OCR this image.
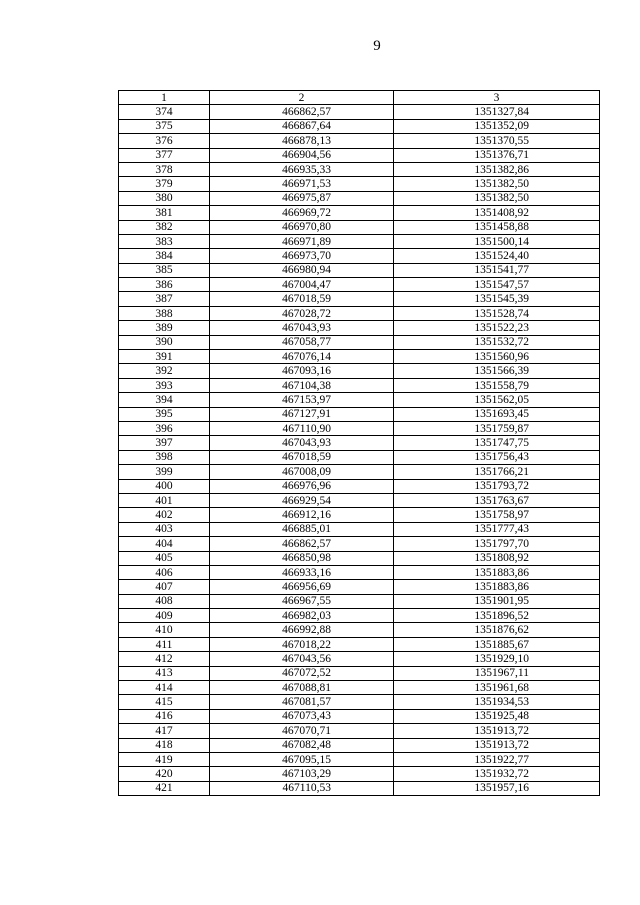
9
1	2	3
374	466862,57	1351327,84
375	466867,64	1351352,09
376	466878,13	1351370,55
377	466904,56	1351376,71
378	466935,33	1351382,86
379	466971,53	1351382,50
380	466975,87	1351382,50
381	466969,72	1351408,92
382	466970,80	1351458,88
383	466971,89	1351500,14
384	466973,70	1351524,40
385	466980,94	1351541,77
386	467004,47	1351547,57
387	467018,59	1351545,39
388	467028,72	1351528,74
389	467043,93	1351522,23
390	467058,77	1351532,72
391	467076,14	1351560,96
392	467093,16	1351566,39
393	467104,38	1351558,79
394	467153,97	1351562,05
395	467127,91	1351693,45
396	467110,90	1351759,87
397	467043,93	1351747,75
398	467018,59	1351756,43
399	467008,09	1351766,21
400	466976,96	1351793,72
401	466929,54	1351763,67
402	466912,16	1351758,97
403	466885,01	1351777,43
404	466862,57	1351797,70
405	466850,98	1351808,92
406	466933,16	1351883,86
407	466956,69	1351883,86
408	466967,55	1351901,95
409	466982,03	1351896,52
410	466992,88	1351876,62
411	467018,22	1351885,67
412	467043,56	1351929,10
413	467072,52	1351967,11
414	467088,81	1351961,68
415	467081,57	1351934,53
416	467073,43	1351925,48
417	467070,71	1351913,72
418	467082,48	1351913,72
419	467095,15	1351922,77
420	467103,29	1351932,72
421	467110,53	1351957,16
